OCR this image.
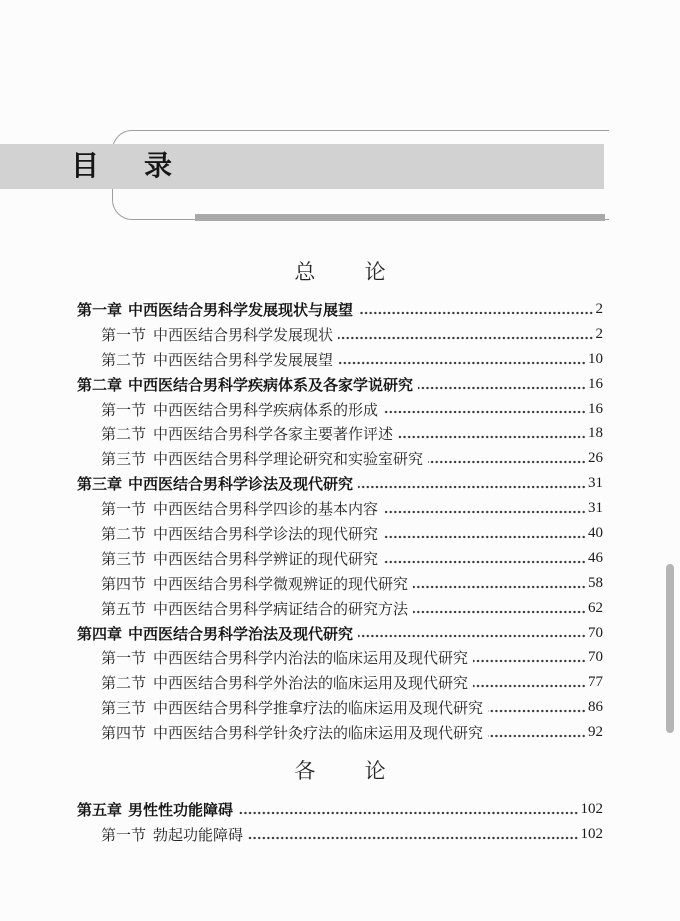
目 录
总 论
第一章 中西医结合男科学发展现状与展望	2
第一节 中西医结合男科学发展现状	2
第二节 中西医结合男科学发展展望	10
第二章 中西医结合男科学疾病体系及各家学说研究	16
第一节 中西医结合男科学疾病体系的形成	16
第二节 中西医结合男科学各家主要著作评述	18
第三节 中西医结合男科学理论研究和实验室研究	26
第三章 中西医结合男科学诊法及现代研究	31
第一节 中西医结合男科学四诊的基本内容	31
第二节 中西医结合男科学诊法的现代研究	40
第三节 中西医结合男科学辨证的现代研究	46
第四节 中西医结合男科学微观辨证的现代研究	58
第五节 中西医结合男科学病证结合的研究方法	62
第四章 中西医结合男科学治法及现代研究	70
第一节 中西医结合男科学内治法的临床运用及现代研究	70
第二节 中西医结合男科学外治法的临床运用及现代研究	77
第三节 中西医结合男科学推拿疗法的临床运用及现代研究	86
第四节 中西医结合男科学针灸疗法的临床运用及现代研究	92
各 论
第五章 男性性功能障碍	102
第一节 勃起功能障碍	102
